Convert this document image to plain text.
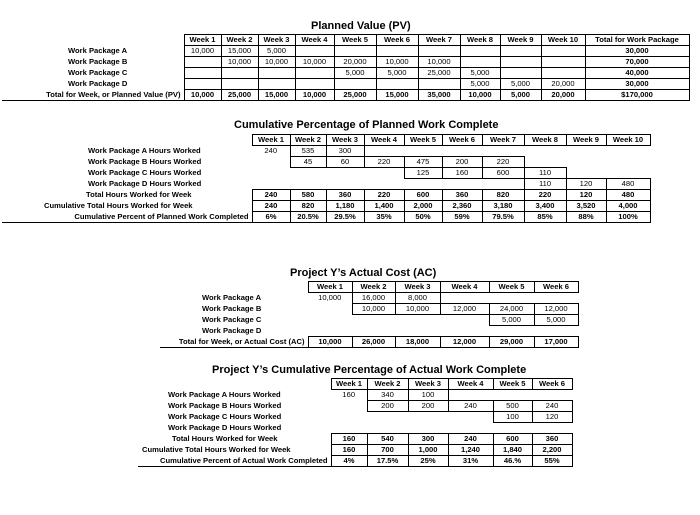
Planned Value (PV)
	Week 1	Week 2	Week 3	Week 4	Week 5	Week 6	Week 7	Week 8	Week 9	Week 10	Total for Work Package
Work Package A	10,000	15,000	5,000								30,000
Work Package B		10,000	10,000	10,000	20,000	10,000	10,000				70,000
Work Package C					5,000	5,000	25,000	5,000			40,000
Work Package D								5,000	5,000	20,000	30,000
Total for Week, or Planned Value (PV)	10,000	25,000	15,000	10,000	25,000	15,000	35,000	10,000	5,000	20,000	$170,000
Cumulative Percentage of Planned Work Complete
	Week 1	Week 2	Week 3	Week 4	Week 5	Week 6	Week 7	Week 8	Week 9	Week 10
Work Package A Hours Worked	240	535	300							
Work Package B Hours Worked		45	60	220	475	200	220			
Work Package C Hours Worked					125	160	600	110		
Work Package D Hours Worked								110	120	480
Total Hours Worked for Week	240	580	360	220	600	360	820	220	120	480
Cumulative Total Hours Worked for Week	240	820	1,180	1,400	2,000	2,360	3,180	3,400	3,520	4,000
Cumulative Percent of Planned Work Completed	6%	20.5%	29.5%	35%	50%	59%	79.5%	85%	88%	100%
Project Y’s Actual Cost (AC)
	Week 1	Week 2	Week 3	Week 4	Week 5	Week 6
Work Package A	10,000	16,000	8,000			
Work Package B		10,000	10,000	12,000	24,000	12,000
Work Package C					5,000	5,000
Work Package D						
Total for Week, or Actual Cost (AC)	10,000	26,000	18,000	12,000	29,000	17,000
Project Y’s Cumulative Percentage of Actual Work Complete
	Week 1	Week 2	Week 3	Week 4	Week 5	Week 6
Work Package A Hours Worked	160	340	100			
Work Package B Hours Worked		200	200	240	500	240
Work Package C Hours Worked					100	120
Work Package D Hours Worked						
Total Hours Worked for Week	160	540	300	240	600	360
Cumulative Total Hours Worked for Week	160	700	1,000	1,240	1,840	2,200
Cumulative Percent of Actual Work Completed	4%	17.5%	25%	31%	46.%	55%
